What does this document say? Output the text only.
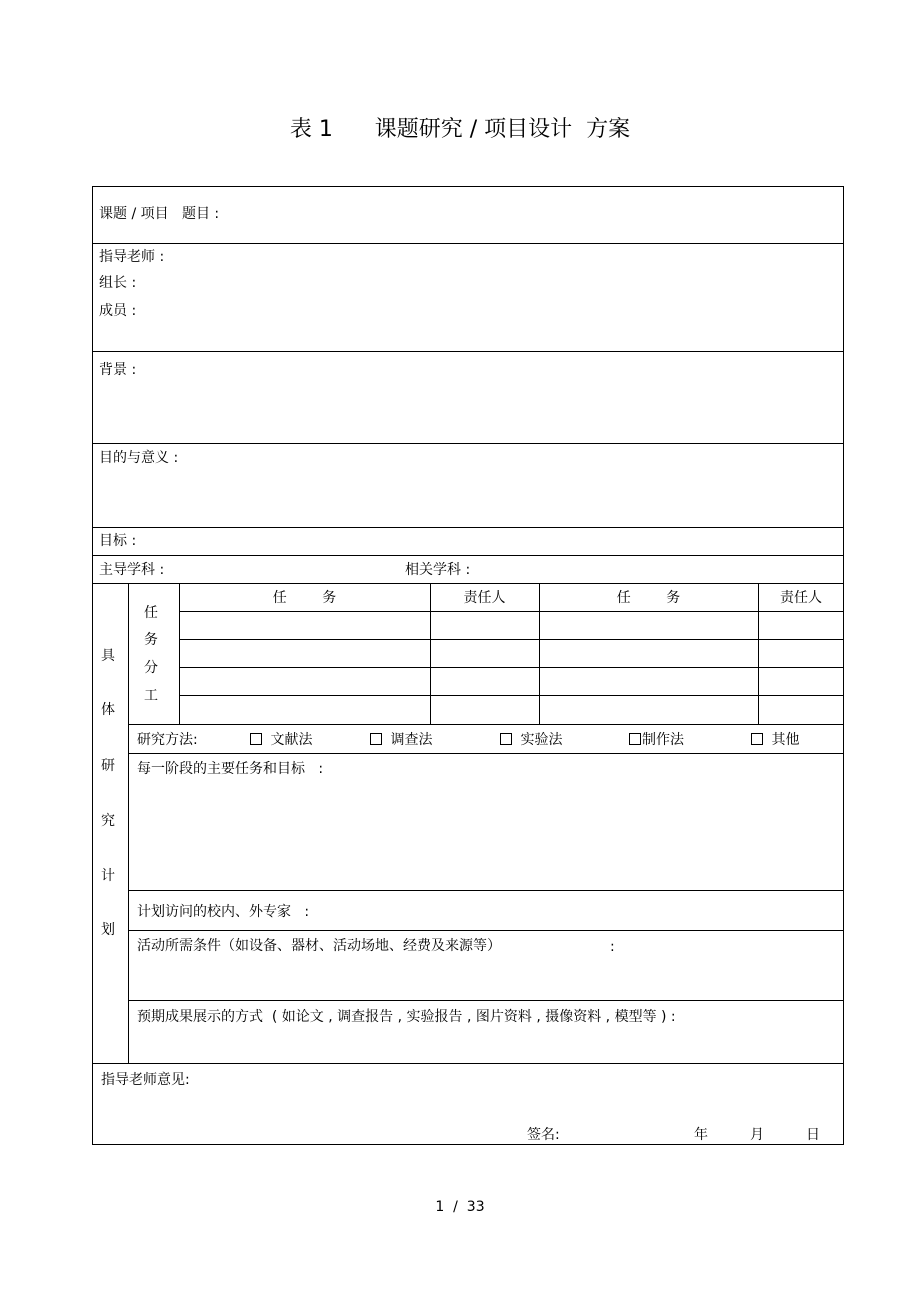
表 1      课题研究 / 项目设计  方案
课题 / 项目   题目 :
指导老师 :
组长 :
成员 :
背景 :
目的与意义 :
目标 :
主导学科 :	相关学科 :
具
体
研
究
计
划
任
务
分
工
任        务	责任人	任        务	责任人
研究方法:	文献法	调查法	实验法	制作法	其他
每一阶段的主要任务和目标   :
计划访问的校内、外专家   :
活动所需条件（如设备、器材、活动场地、经费及来源等）	:
预期成果展示的方式  ( 如论文 , 调查报告 , 实验报告 , 图片资料 , 摄像资料 , 模型等 ) :
指导老师意见:
签名:	年	月	日
1  /  33
